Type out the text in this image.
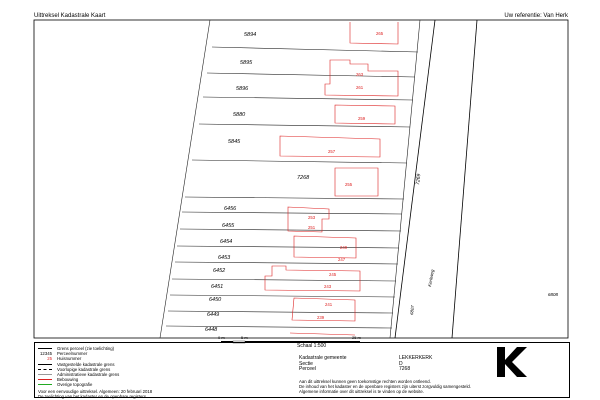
Uittreksel Kadastrale Kaart	Uw referentie: Van Herk
5894
5895
5896
5880
5845
7268
6456
6455
6454
6453
6452
6451
6450
6449
6448
265
263
261
259
257
255
253
251
249
247
245
243
241
239
7269
Kerkweg
6807
6808
0 m	5 m	25 m
Schaal 1:500
Grens perceel (zie toelichting)
12345 Perceelnummer
25 Huisnummer
Vastgestelde kadastrale grens
Voorlopige kadastrale grens
Administratieve kadastrale grens
Bebouwing
Overige topografie
Voor een eenvoudige uittreksel. Algemeen: 20 februari 2018
De toelichting van het kadaster en de openbare registers
Kadastrale gemeente	LEKKERKERK
Sectie	D
Perceel	7268
Aan dit uittreksel kunnen geen toekomstige rechten worden ontleend.
De inhoud van het kadaster en de openbare registers zijn uiterst zorgvuldig samengesteld.
Algemene informatie over dit uittreksel is te vinden op de website.
